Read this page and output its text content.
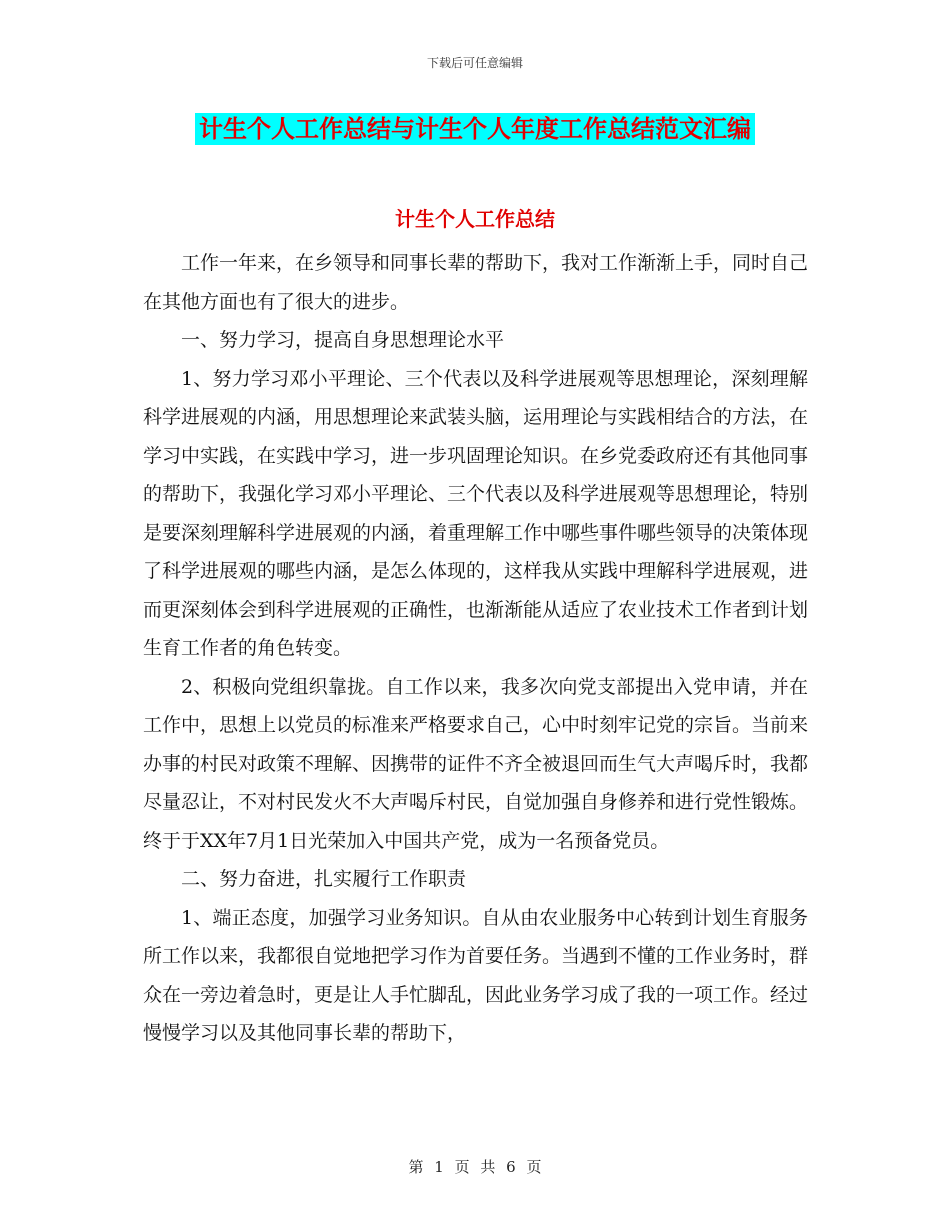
下载后可任意编辑
计生个人工作总结与计生个人年度工作总结范文汇编
计生个人工作总结

工作一年来，在乡领导和同事长辈的帮助下，我对工作渐渐上手，同时自己在其他方面也有了很大的进步。

一、努力学习，提高自身思想理论水平

1、努力学习邓小平理论、三个代表以及科学进展观等思想理论，深刻理解科学进展观的内涵，用思想理论来武装头脑，运用理论与实践相结合的方法，在学习中实践，在实践中学习，进一步巩固理论知识。在乡党委政府还有其他同事的帮助下，我强化学习邓小平理论、三个代表以及科学进展观等思想理论，特别是要深刻理解科学进展观的内涵，着重理解工作中哪些事件哪些领导的决策体现了科学进展观的哪些内涵，是怎么体现的，这样我从实践中理解科学进展观，进而更深刻体会到科学进展观的正确性，也渐渐能从适应了农业技术工作者到计划生育工作者的角色转变。

2、积极向党组织靠拢。自工作以来，我多次向党支部提出入党申请，并在工作中，思想上以党员的标准来严格要求自己，心中时刻牢记党的宗旨。当前来办事的村民对政策不理解、因携带的证件不齐全被退回而生气大声喝斥时，我都尽量忍让，不对村民发火不大声喝斥村民，自觉加强自身修养和进行党性锻炼。终于于XX年7月1日光荣加入中国共产党，成为一名预备党员。

二、努力奋进，扎实履行工作职责

1、端正态度，加强学习业务知识。自从由农业服务中心转到计划生育服务所工作以来，我都很自觉地把学习作为首要任务。当遇到不懂的工作业务时，群众在一旁边着急时，更是让人手忙脚乱，因此业务学习成了我的一项工作。经过慢慢学习以及其他同事长辈的帮助下，

第 1 页 共 6 页
